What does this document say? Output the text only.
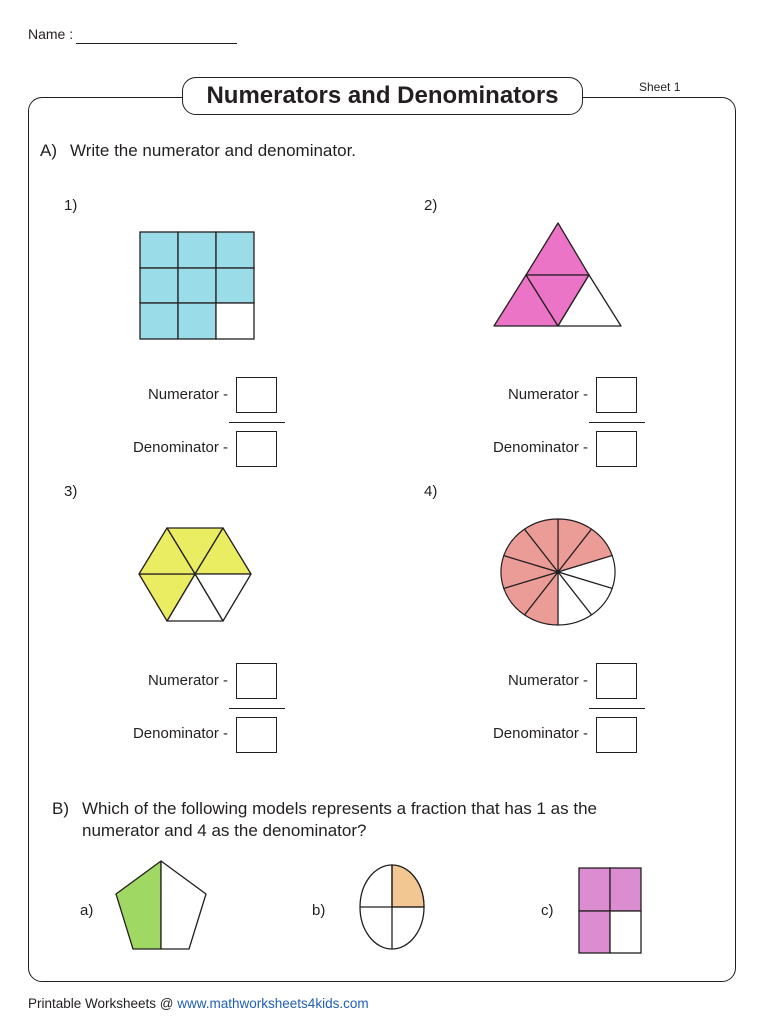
Name :
Numerators and Denominators	Sheet 1
A) Write the numerator and denominator.
1)	2)
3)	4)
Numerator -
Denominator -
Numerator -
Denominator -
Numerator -
Denominator -
Numerator -
Denominator -
B) Which of the following models represents a fraction that has 1 as the
numerator and 4 as the denominator?
a)	b)	c)
Printable Worksheets @ www.mathworksheets4kids.com
